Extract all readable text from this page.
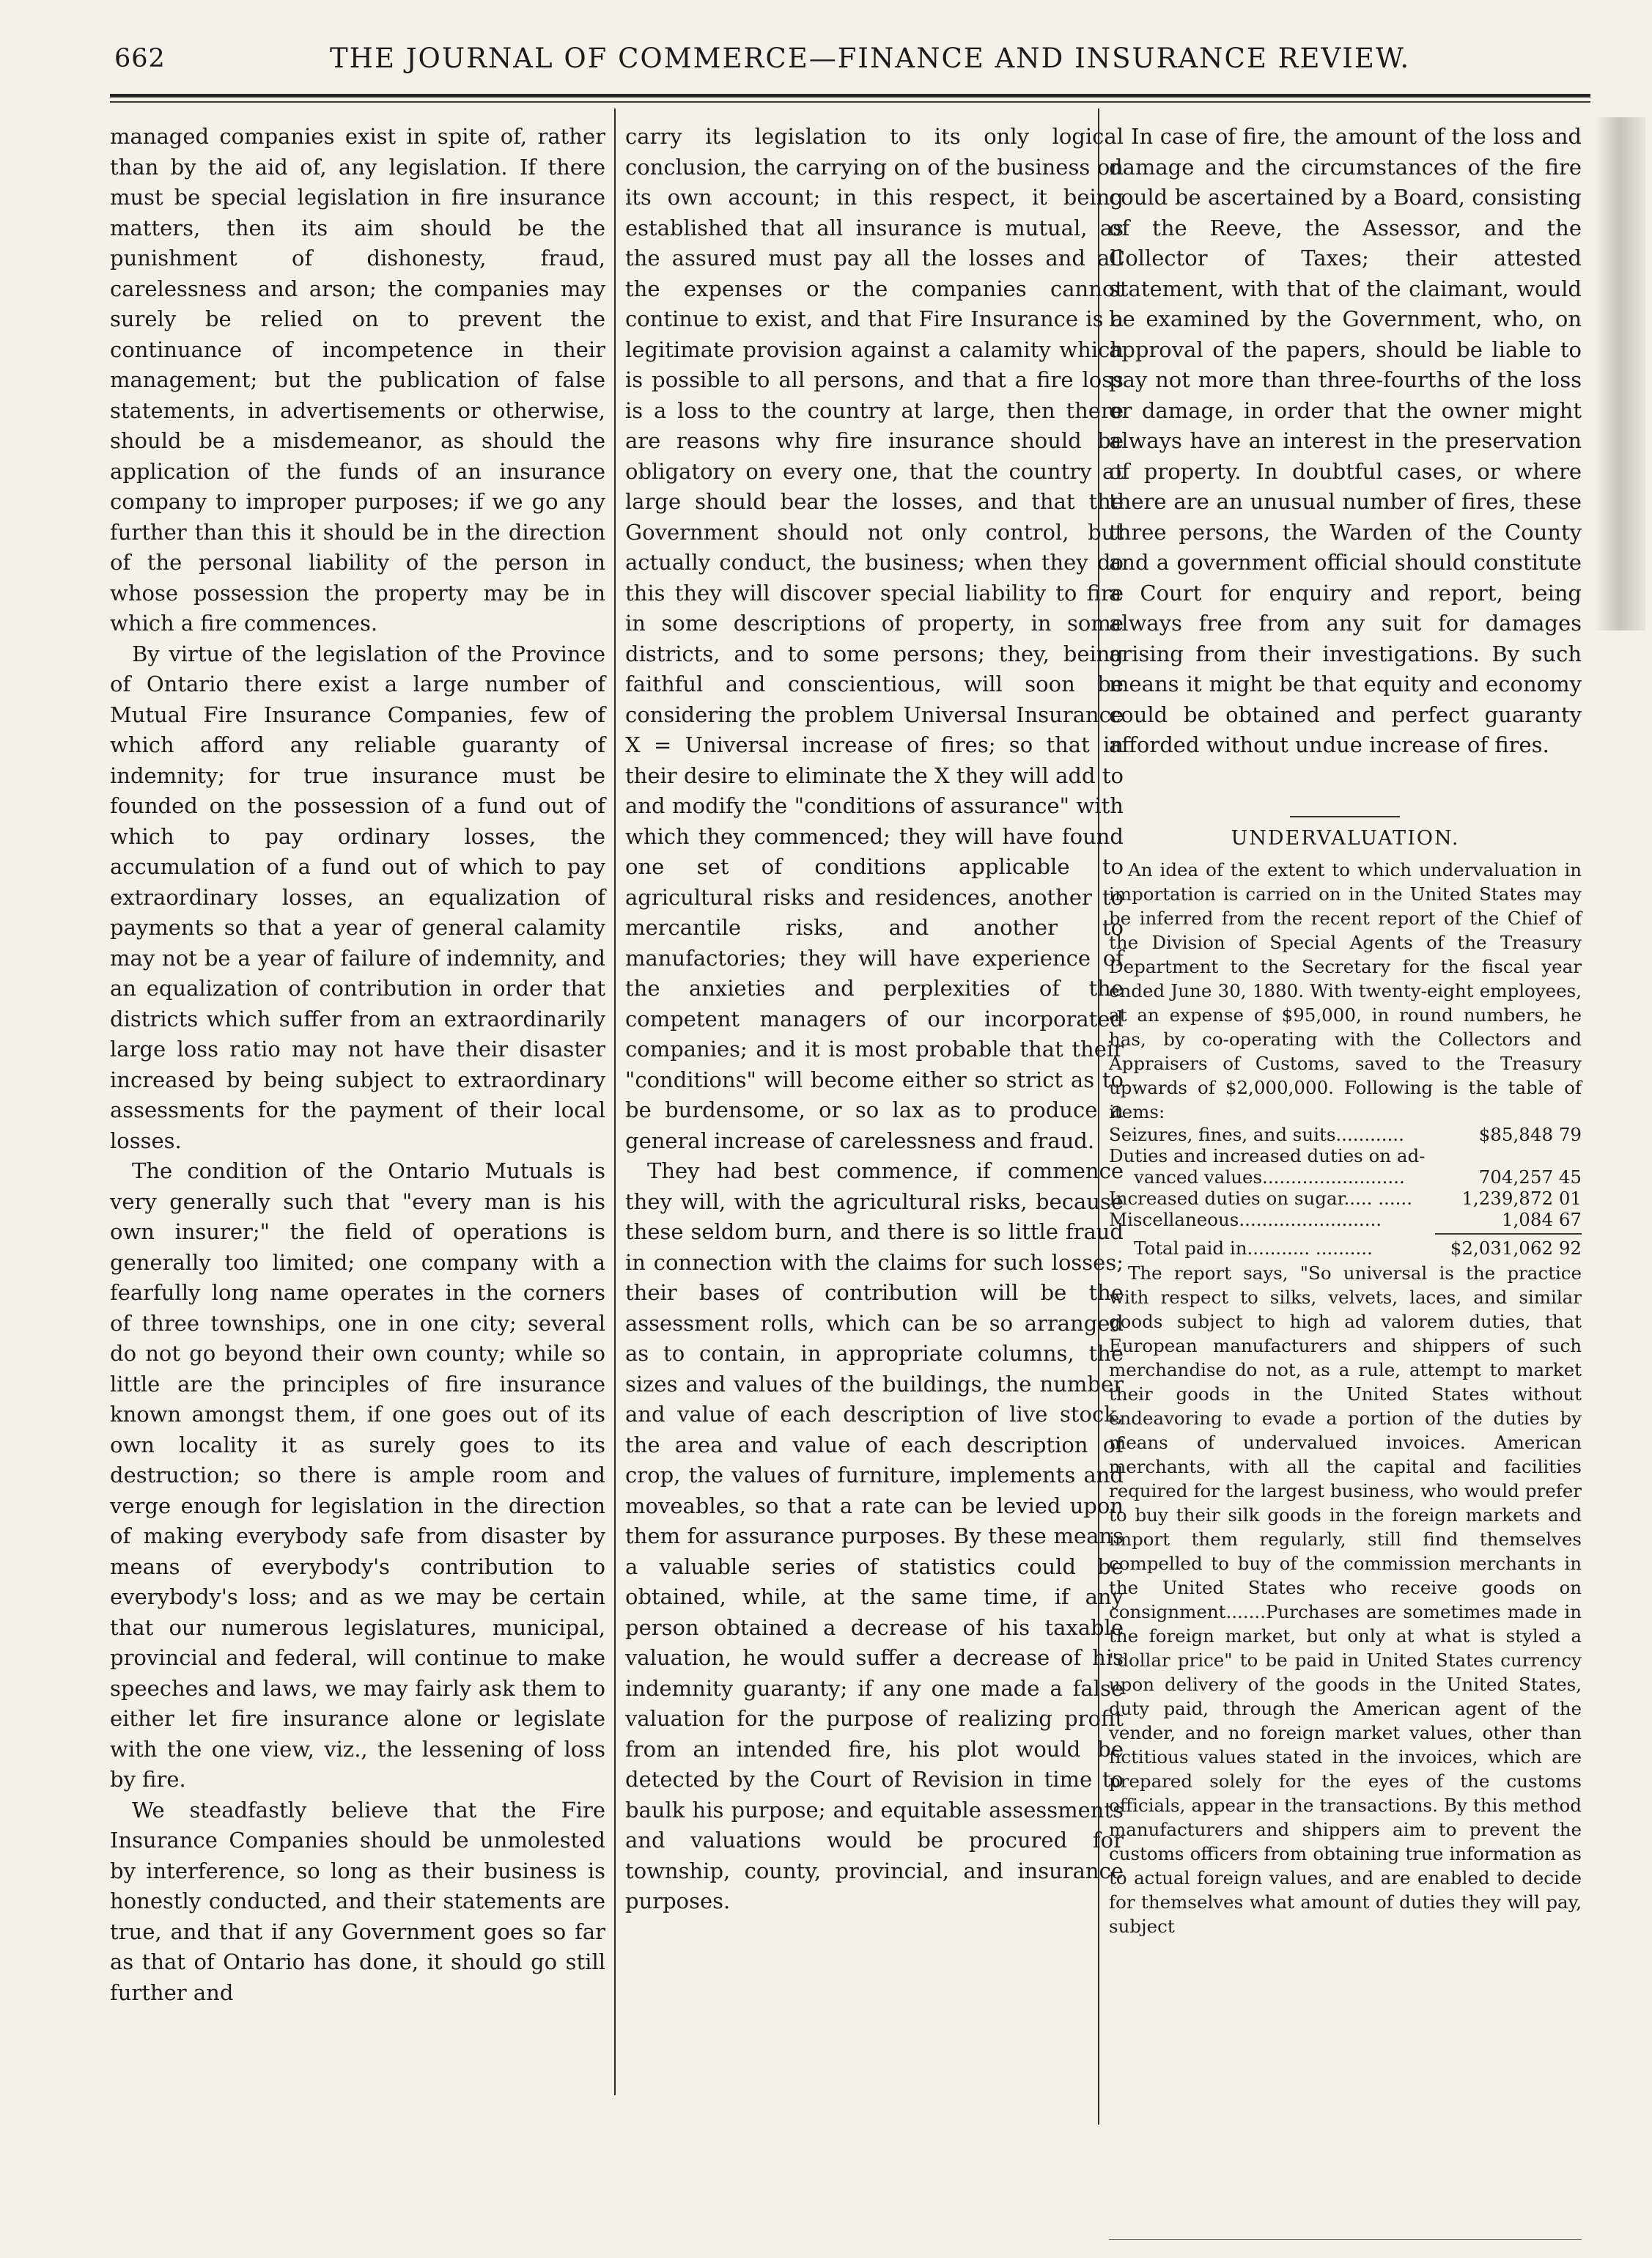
662	THE JOURNAL OF COMMERCE—FINANCE AND INSURANCE REVIEW.

managed companies exist in spite of, rather than by the aid of, any legislation. If there must be special legislation in fire insurance matters, then its aim should be the punishment of dishonesty, fraud, carelessness and arson; the companies may surely be relied on to prevent the continuance of incompetence in their management; but the publication of false statements, in advertisements or otherwise, should be a misdemeanor, as should the application of the funds of an insurance company to improper purposes; if we go any further than this it should be in the direction of the personal liability of the person in whose possession the property may be in which a fire commences.

By virtue of the legislation of the Province of Ontario there exist a large number of Mutual Fire Insurance Companies, few of which afford any reliable guaranty of indemnity; for true insurance must be founded on the possession of a fund out of which to pay ordinary losses, the accumulation of a fund out of which to pay extraordinary losses, an equalization of payments so that a year of general calamity may not be a year of failure of indemnity, and an equalization of contribution in order that districts which suffer from an extraordinarily large loss ratio may not have their disaster increased by being subject to extraordinary assessments for the payment of their local losses.

The condition of the Ontario Mutuals is very generally such that "every man is his own insurer;" the field of operations is generally too limited; one company with a fearfully long name operates in the corners of three townships, one in one city; several do not go beyond their own county; while so little are the principles of fire insurance known amongst them, if one goes out of its own locality it as surely goes to its destruction; so there is ample room and verge enough for legislation in the direction of making everybody safe from disaster by means of everybody's contribution to everybody's loss; and as we may be certain that our numerous legislatures, municipal, provincial and federal, will continue to make speeches and laws, we may fairly ask them to either let fire insurance alone or legislate with the one view, viz., the lessening of loss by fire.

We steadfastly believe that the Fire Insurance Companies should be unmolested by interference, so long as their business is honestly conducted, and their statements are true, and that if any Government goes so far as that of Ontario has done, it should go still further and

carry its legislation to its only logical conclusion, the carrying on of the business on its own account; in this respect, it being established that all insurance is mutual, as the assured must pay all the losses and all the expenses or the companies cannot continue to exist, and that Fire Insurance is a legitimate provision against a calamity which is possible to all persons, and that a fire loss is a loss to the country at large, then there are reasons why fire insurance should be obligatory on every one, that the country at large should bear the losses, and that the Government should not only control, but actually conduct, the business; when they do this they will discover special liability to fire in some descriptions of property, in some districts, and to some persons; they, being faithful and conscientious, will soon be considering the problem Universal Insurance X = Universal increase of fires; so that in their desire to eliminate the X they will add to and modify the "conditions of assurance" with which they commenced; they will have found one set of conditions applicable to agricultural risks and residences, another to mercantile risks, and another to manufactories; they will have experience of the anxieties and perplexities of the competent managers of our incorporated companies; and it is most probable that their "conditions" will become either so strict as to be burdensome, or so lax as to produce a general increase of carelessness and fraud.

They had best commence, if commence they will, with the agricultural risks, because these seldom burn, and there is so little fraud in connection with the claims for such losses; their bases of contribution will be the assessment rolls, which can be so arranged as to contain, in appropriate columns, the sizes and values of the buildings, the number and value of each description of live stock, the area and value of each description of crop, the values of furniture, implements and moveables, so that a rate can be levied upon them for assurance purposes. By these means a valuable series of statistics could be obtained, while, at the same time, if any person obtained a decrease of his taxable valuation, he would suffer a decrease of his indemnity guaranty; if any one made a false valuation for the purpose of realizing profit from an intended fire, his plot would be detected by the Court of Revision in time to baulk his purpose; and equitable assessments and valuations would be procured for township, county, provincial, and insurance purposes.

In case of fire, the amount of the loss and damage and the circumstances of the fire could be ascertained by a Board, consisting of the Reeve, the Assessor, and the Collector of Taxes; their attested statement, with that of the claimant, would be examined by the Government, who, on approval of the papers, should be liable to pay not more than three-fourths of the loss or damage, in order that the owner might always have an interest in the preservation of property. In doubtful cases, or where there are an unusual number of fires, these three persons, the Warden of the County and a government official should constitute a Court for enquiry and report, being always free from any suit for damages arising from their investigations. By such means it might be that equity and economy could be obtained and perfect guaranty afforded without undue increase of fires.

UNDERVALUATION.

An idea of the extent to which undervaluation in importation is carried on in the United States may be inferred from the recent report of the Chief of the Division of Special Agents of the Treasury Department to the Secretary for the fiscal year ended June 30, 1880. With twenty-eight employees, at an expense of $95,000, in round numbers, he has, by co-operating with the Collectors and Appraisers of Customs, saved to the Treasury upwards of $2,000,000. Following is the table of items:

Seizures, fines, and suits............	$85,848 79
Duties and increased duties on ad-	
vanced values.........................	704,257 45
Increased duties on sugar..... ......	1,239,872 01
Miscellaneous.........................	1,084 67
Total paid in........... ..........	$2,031,062 92

The report says, "So universal is the practice with respect to silks, velvets, laces, and similar goods subject to high ad valorem duties, that European manufacturers and shippers of such merchandise do not, as a rule, attempt to market their goods in the United States without endeavoring to evade a portion of the duties by means of undervalued invoices. American merchants, with all the capital and facilities required for the largest business, who would prefer to buy their silk goods in the foreign markets and import them regularly, still find themselves compelled to buy of the commission merchants in the United States who receive goods on consignment.......Purchases are sometimes made in the foreign market, but only at what is styled a "dollar price" to be paid in United States currency upon delivery of the goods in the United States, duty paid, through the American agent of the vender, and no foreign market values, other than fictitious values stated in the invoices, which are prepared solely for the eyes of the customs officials, appear in the transactions. By this method manufacturers and shippers aim to prevent the customs officers from obtaining true information as to actual foreign values, and are enabled to decide for themselves what amount of duties they will pay, subject
